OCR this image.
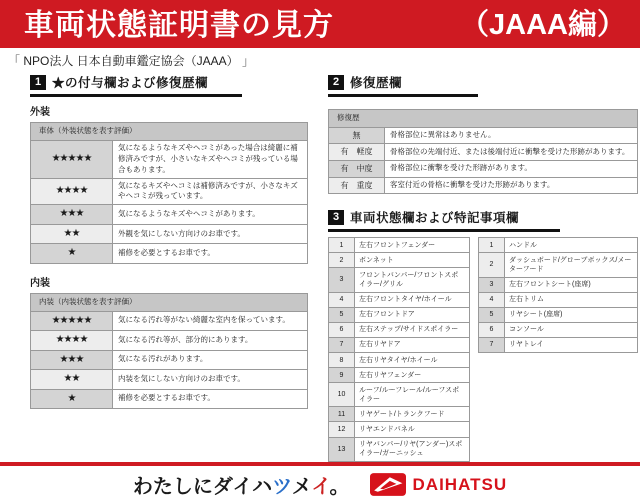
車両状態証明書の見方	（JAAA編）
「 NPO法人 日本自動車鑑定協会（JAAA） 」
1 ★の付与欄および修復歴欄
外装
車体（外装状態を表す評価）	
★★★★★	気になるようなキズやヘコミがあった場合は綺麗に補修済みですが、小さいなキズやヘコミが残っている場合もあります。
★★★★	気になるキズやヘコミは補修済みですが、小さなキズやヘコミが残っています。
★★★	気になるようなキズやヘコミがあります。
★★	外観を気にしない方向けのお車です。
★	補修を必要とするお車です。
内装
内装（内装状態を表す評価）	
★★★★★	気になる汚れ等がない綺麗な室内を保っています。
★★★★	気になる汚れ等が、部分的にあります。
★★★	気になる汚れがあります。
★★	内装を気にしない方向けのお車です。
★	補修を必要とするお車です。
2 修復歴欄
修復歴	
無	骨格部位に異常はありません。
有　軽度	骨格部位の先端付近、または後端付近に衝撃を受けた形跡があります。
有　中度	骨格部位に衝撃を受けた形跡があります。
有　重度	客室付近の骨格に衝撃を受けた形跡があります。
3 車両状態欄および特記事項欄
1	左右フロントフェンダー
2	ボンネット
3	フロントバンパー/フロントスポイラー/グリル
4	左右フロントタイヤ/ホイール
5	左右フロントドア
6	左右ステップ/サイドスポイラー
7	左右リヤドア
8	左右リヤタイヤ/ホイール
9	左右リヤフェンダー
10	ルーフ/ルーフレール/ルーフスポイラー
11	リヤゲート/トランクフード
12	リヤエンドパネル
13	リヤバンパー/リヤ(アンダー)スポイラー/ガーニッシュ
1	ハンドル
2	ダッシュボード/グローブボックス/メーターフード
3	左右フロントシート(座席)
4	左右トリム
5	リヤシート(座席)
6	コンソール
7	リヤトレイ
わたしにダイハツメイ。	DAIHATSU
